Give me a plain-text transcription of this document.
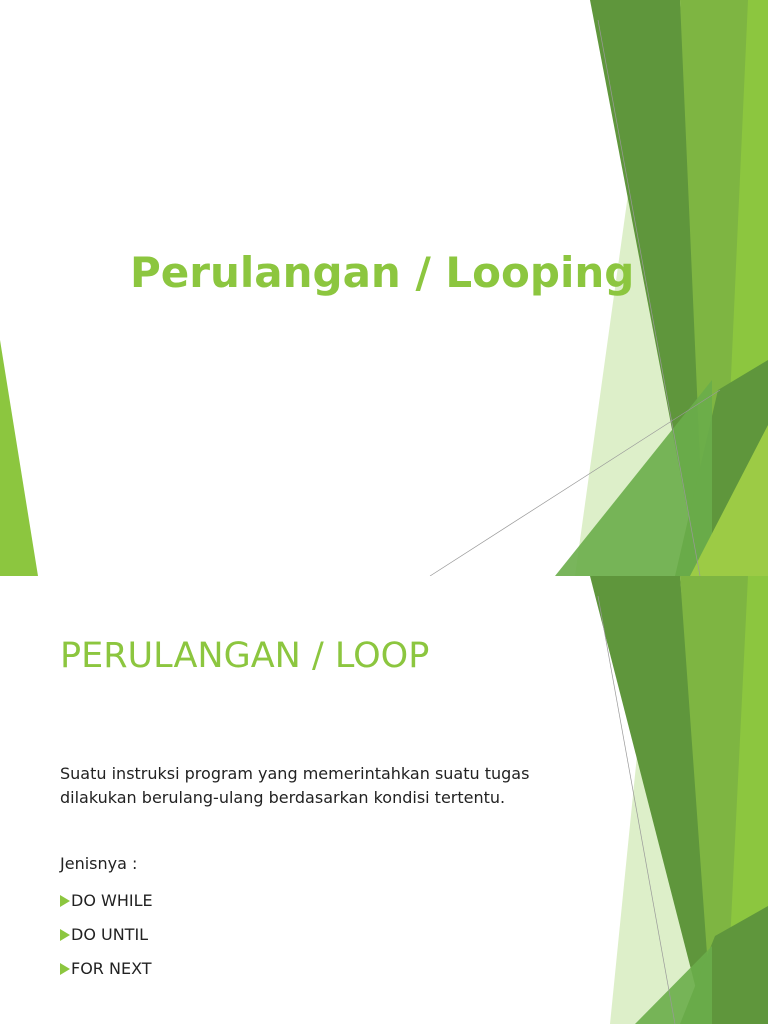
Perulangan / Looping
PERULANGAN / LOOP
Suatu instruksi program yang memerintahkan suatu tugas dilakukan berulang-ulang berdasarkan kondisi tertentu.
Jenisnya :
DO WHILE
DO UNTIL
FOR NEXT
